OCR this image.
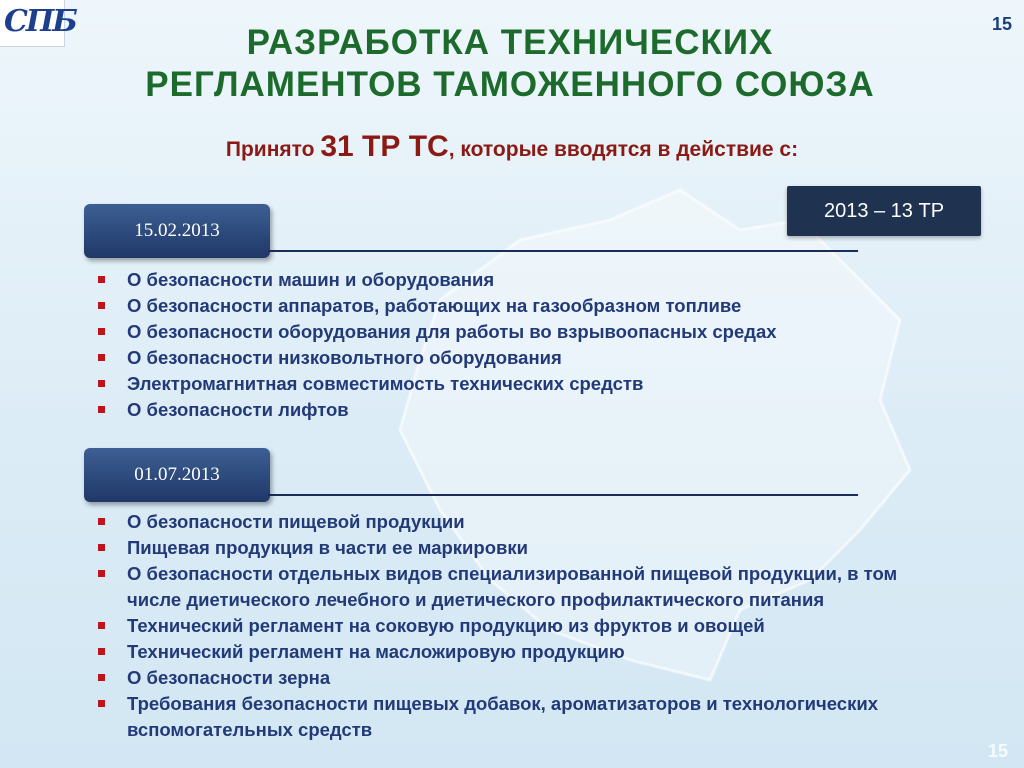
СПБ	15
РАЗРАБОТКА ТЕХНИЧЕСКИХ
РЕГЛАМЕНТОВ ТАМОЖЕННОГО СОЮЗА
Принято 31 ТР ТС, которые вводятся в действие с:
2013 – 13 ТР
15.02.2013
О безопасности машин и оборудования
О безопасности аппаратов, работающих на газообразном топливе
О безопасности оборудования для работы во взрывоопасных средах
О безопасности низковольтного оборудования
Электромагнитная совместимость технических средств
О безопасности лифтов
01.07.2013
О безопасности пищевой продукции
Пищевая продукция в части ее маркировки
О безопасности отдельных видов специализированной пищевой продукции, в том числе диетического лечебного и диетического профилактического питания
Технический регламент на соковую продукцию из фруктов и овощей
Технический регламент на масложировую продукцию
О безопасности зерна
Требования безопасности пищевых добавок, ароматизаторов и технологических вспомогательных средств
15
